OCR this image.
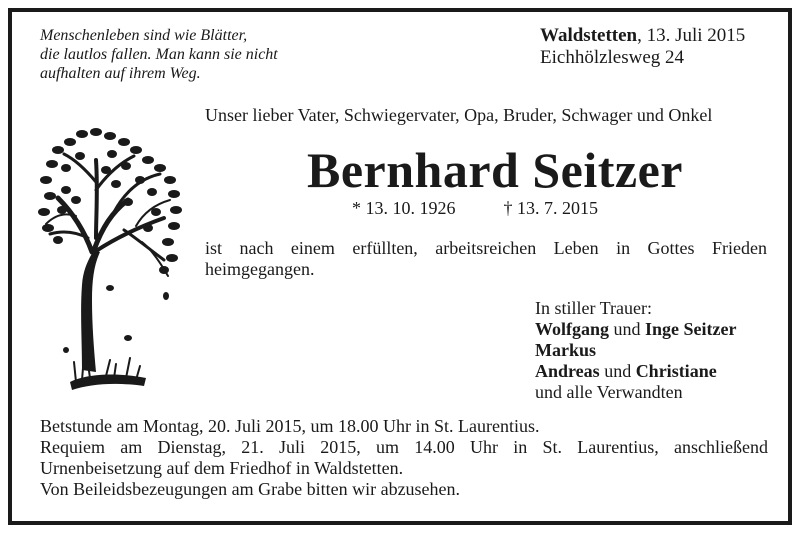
Menschenleben sind wie Blätter,
die lautlos fallen. Man kann sie nicht
aufhalten auf ihrem Weg.
Waldstetten, 13. Juli 2015
Eichhölzlesweg 24
Unser lieber Vater, Schwiegervater, Opa, Bruder, Schwager und Onkel
Bernhard Seitzer
* 13. 10. 1926	† 13. 7. 2015
ist nach einem erfüllten, arbeitsreichen Leben in Gottes Frieden heimgegangen.
In stiller Trauer:
Wolfgang und Inge Seitzer
Markus
Andreas und Christiane
und alle Verwandten
Betstunde am Montag, 20. Juli 2015, um 18.00 Uhr in St. Laurentius.
Requiem am Dienstag, 21. Juli 2015, um 14.00 Uhr in St. Laurentius, anschließend
Urnenbeisetzung auf dem Friedhof in Waldstetten.
Von Beileidsbezeugungen am Grabe bitten wir abzusehen.
